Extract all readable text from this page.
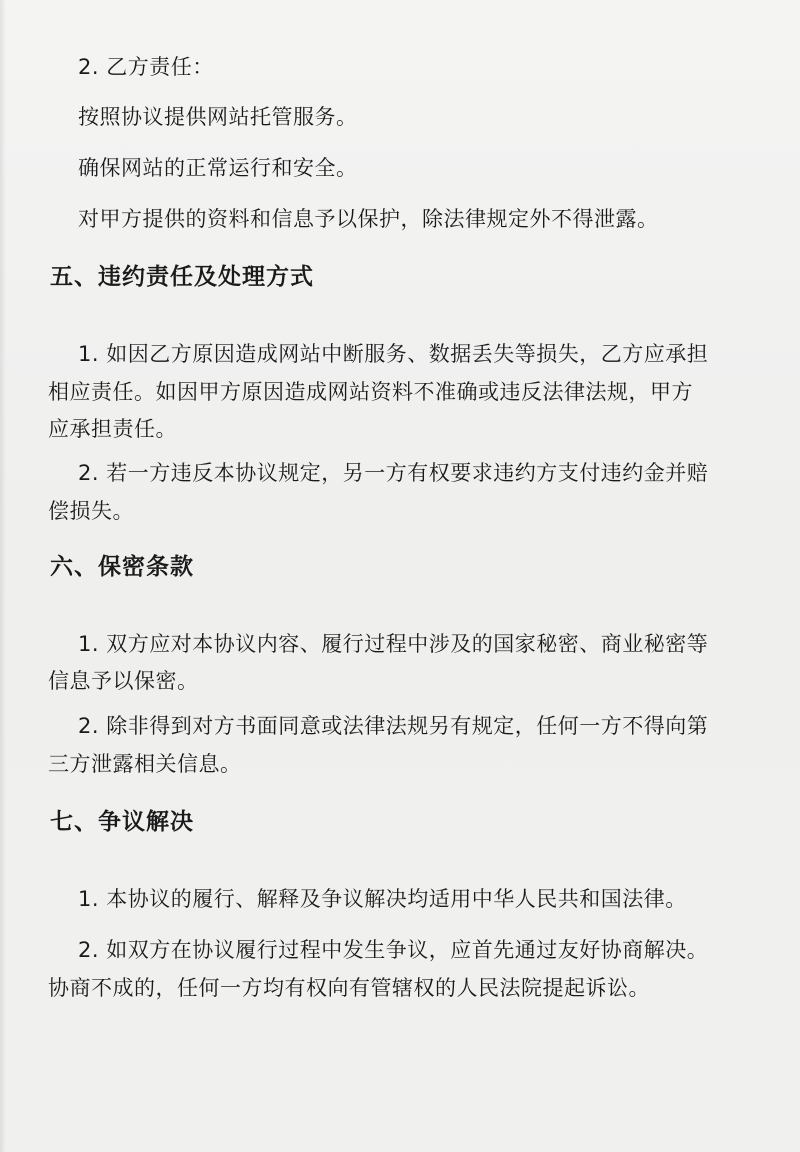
2. 乙方责任：
按照协议提供网站托管服务。
确保网站的正常运行和安全。
对甲方提供的资料和信息予以保护，除法律规定外不得泄露。
五、违约责任及处理方式
1. 如因乙方原因造成网站中断服务、数据丢失等损失，乙方应承担
相应责任。如因甲方原因造成网站资料不准确或违反法律法规，甲方
应承担责任。
2. 若一方违反本协议规定，另一方有权要求违约方支付违约金并赔
偿损失。
六、保密条款
1. 双方应对本协议内容、履行过程中涉及的国家秘密、商业秘密等
信息予以保密。
2. 除非得到对方书面同意或法律法规另有规定，任何一方不得向第
三方泄露相关信息。
七、争议解决
1. 本协议的履行、解释及争议解决均适用中华人民共和国法律。
2. 如双方在协议履行过程中发生争议，应首先通过友好协商解决。
协商不成的，任何一方均有权向有管辖权的人民法院提起诉讼。
